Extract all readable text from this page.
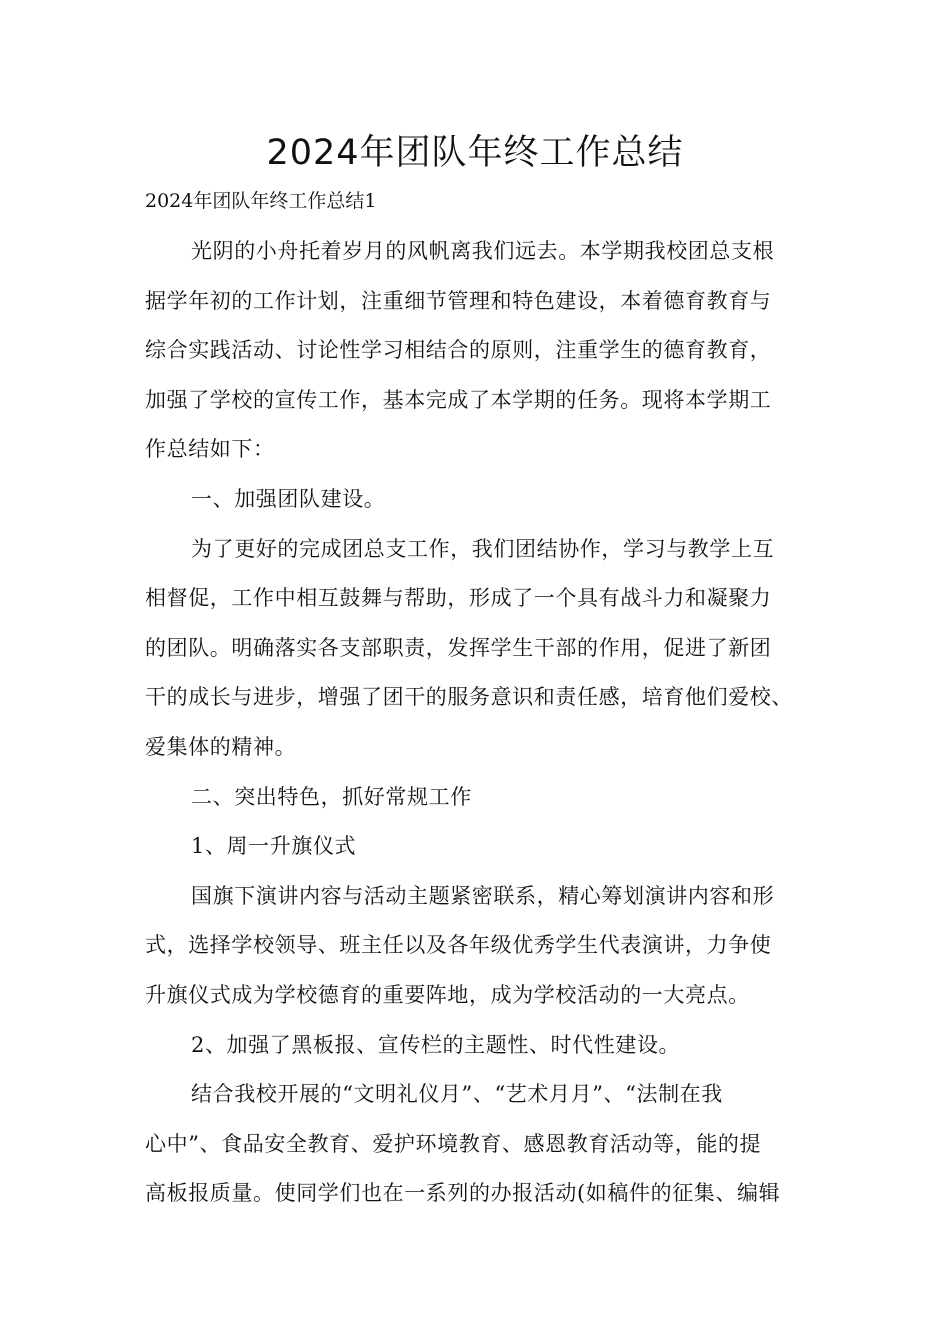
2024年团队年终工作总结

2024年团队年终工作总结1

光阴的小舟托着岁月的风帆离我们远去。本学期我校团总支根
据学年初的工作计划，注重细节管理和特色建设，本着德育教育与
综合实践活动、讨论性学习相结合的原则，注重学生的德育教育，
加强了学校的宣传工作，基本完成了本学期的任务。现将本学期工
作总结如下：
一、加强团队建设。
为了更好的完成团总支工作，我们团结协作，学习与教学上互
相督促，工作中相互鼓舞与帮助，形成了一个具有战斗力和凝聚力
的团队。明确落实各支部职责，发挥学生干部的作用，促进了新团
干的成长与进步，增强了团干的服务意识和责任感，培育他们爱校、
爱集体的精神。
二、突出特色，抓好常规工作
1、周一升旗仪式
国旗下演讲内容与活动主题紧密联系，精心筹划演讲内容和形
式，选择学校领导、班主任以及各年级优秀学生代表演讲，力争使
升旗仪式成为学校德育的重要阵地，成为学校活动的一大亮点。
2、加强了黑板报、宣传栏的主题性、时代性建设。
结合我校开展的“文明礼仪月”、“艺术月月”、“法制在我
心中”、食品安全教育、爱护环境教育、感恩教育活动等，能的提
高板报质量。使同学们也在一系列的办报活动(如稿件的征集、编辑
